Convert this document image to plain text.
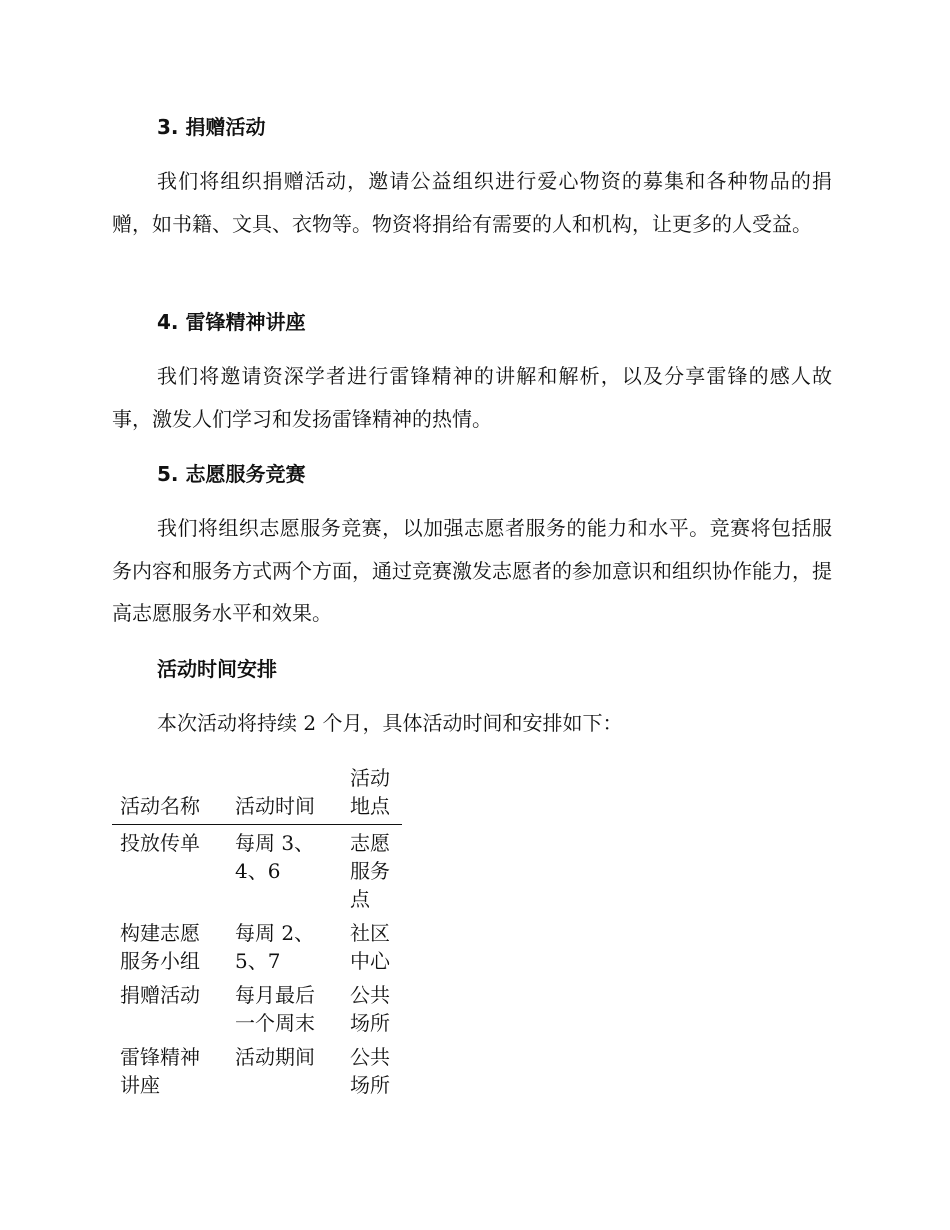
3. 捐赠活动

我们将组织捐赠活动，邀请公益组织进行爱心物资的募集和各种物品的捐赠，如书籍、文具、衣物等。物资将捐给有需要的人和机构，让更多的人受益。

4. 雷锋精神讲座

我们将邀请资深学者进行雷锋精神的讲解和解析，以及分享雷锋的感人故事，激发人们学习和发扬雷锋精神的热情。

5. 志愿服务竞赛

我们将组织志愿服务竞赛，以加强志愿者服务的能力和水平。竞赛将包括服务内容和服务方式两个方面，通过竞赛激发志愿者的参加意识和组织协作能力，提高志愿服务水平和效果。

活动时间安排

本次活动将持续 2 个月，具体活动时间和安排如下：

活动名称	活动时间	活动地点
投放传单	每周 3、4、6	志愿服务点
构建志愿服务小组	每周 2、5、7	社区中心
捐赠活动	每月最后一个周末	公共场所
雷锋精神讲座	活动期间	公共场所
